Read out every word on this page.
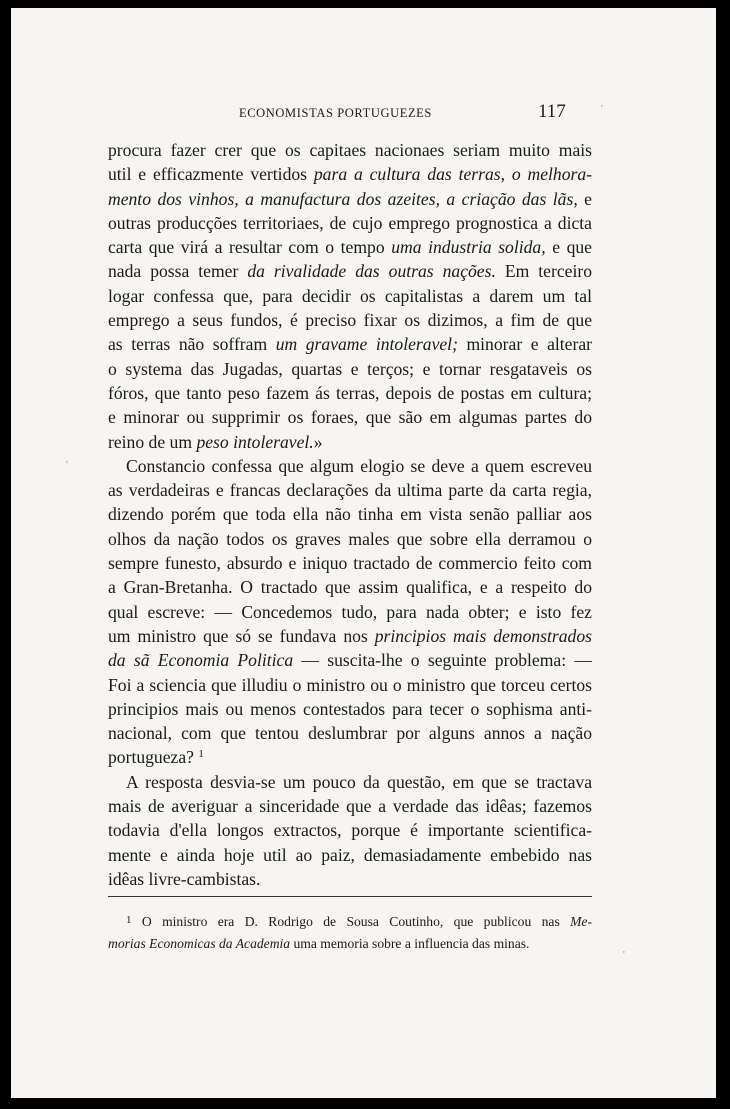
ECONOMISTAS PORTUGUEZES	117
procura fazer crer que os capitaes nacionaes seriam muito mais
util e efficazmente vertidos para a cultura das terras, o melhora-
mento dos vinhos, a manufactura dos azeites, a criação das lãs, e
outras producções territoriaes, de cujo emprego prognostica a dicta
carta que virá a resultar com o tempo uma industria solida, e que
nada possa temer da rivalidade das outras nações. Em terceiro
logar confessa que, para decidir os capitalistas a darem um tal
emprego a seus fundos, é preciso fixar os dizimos, a fim de que
as terras não soffram um gravame intoleravel; minorar e alterar
o systema das Jugadas, quartas e terços; e tornar resgataveis os
fóros, que tanto peso fazem ás terras, depois de postas em cultura;
e minorar ou supprimir os foraes, que são em algumas partes do
reino de um peso intoleravel.»
Constancio confessa que algum elogio se deve a quem escreveu
as verdadeiras e francas declarações da ultima parte da carta regia,
dizendo porém que toda ella não tinha em vista senão palliar aos
olhos da nação todos os graves males que sobre ella derramou o
sempre funesto, absurdo e iniquo tractado de commercio feito com
a Gran-Bretanha. O tractado que assim qualifica, e a respeito do
qual escreve: — Concedemos tudo, para nada obter; e isto fez
um ministro que só se fundava nos principios mais demonstrados
da sã Economia Politica — suscita-lhe o seguinte problema: —
Foi a sciencia que illudiu o ministro ou o ministro que torceu certos
principios mais ou menos contestados para tecer o sophisma anti-
nacional, com que tentou deslumbrar por alguns annos a nação
portugueza? $^1$
A resposta desvia-se um pouco da questão, em que se tractava
mais de averiguar a sinceridade que a verdade das idêas; fazemos
todavia d'ella longos extractos, porque é importante scientifica-
mente e ainda hoje util ao paiz, demasiadamente embebido nas
idêas livre-cambistas.
$^1$ O ministro era D. Rodrigo de Sousa Coutinho, que publicou nas Me-
morias Economicas da Academia uma memoria sobre a influencia das minas.
'
'
'
